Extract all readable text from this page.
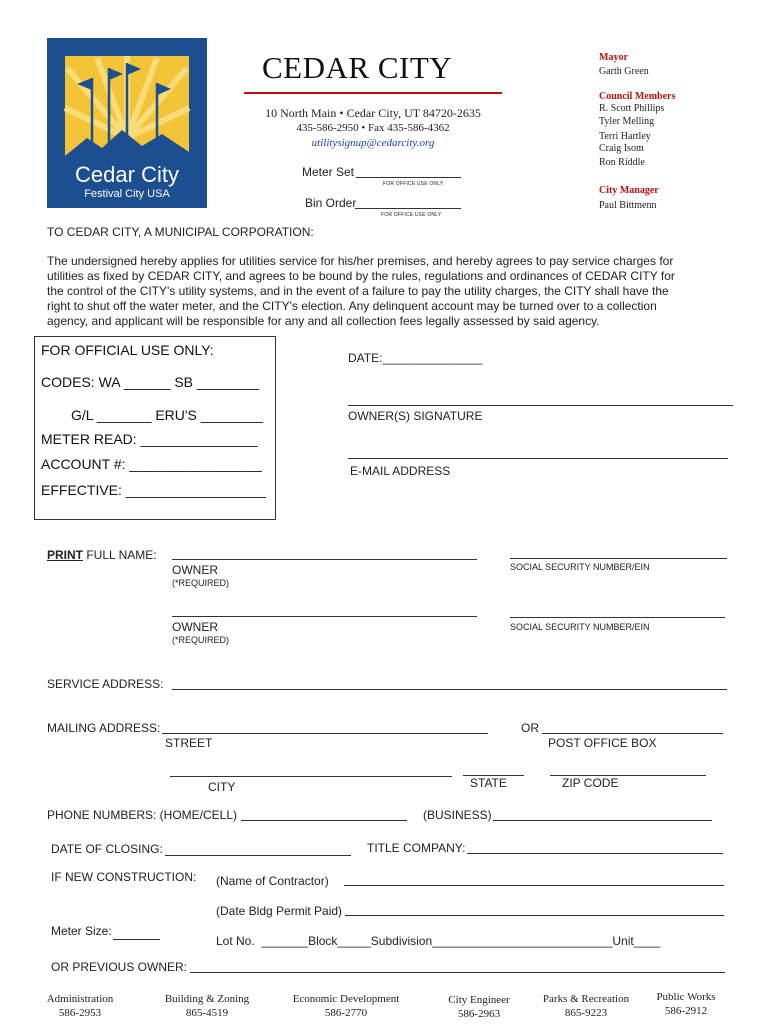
Cedar City
Festival City USA
CEDAR CITY
10 North Main • Cedar City, UT 84720-2635
435-586-2950 • Fax 435-586-4362
utilitysignup@cedarcity.org
Meter Set
FOR OFFICE USE ONLY
Bin Order
FOR OFFICE USE ONLY
Mayor
Garth Green
Council Members
R. Scott Phillips
Tyler Melling
Terri Hartley
Craig Isom
Ron Riddle
City Manager
Paul Bittmenn
TO CEDAR CITY, A MUNICIPAL CORPORATION:
The undersigned hereby applies for utilities service for his/her premises, and hereby agrees to pay service charges for
utilities as fixed by CEDAR CITY, and agrees to be bound by the rules, regulations and ordinances of CEDAR CITY for
the control of the CITY's utility systems, and in the event of a failure to pay the utility charges, the CITY shall have the
right to shut off the water meter, and the CITY's election. Any delinquent account may be turned over to a collection
agency, and applicant will be responsible for any and all collection fees legally assessed by said agency.
FOR OFFICIAL USE ONLY:
CODES: WA ______ SB ________
G/L _______ ERU'S ________
METER READ: _______________
ACCOUNT #: _________________
EFFECTIVE: __________________
DATE:_______________
OWNER(S) SIGNATURE
E-MAIL ADDRESS
PRINT FULL NAME:
OWNER
(*REQUIRED)
SOCIAL SECURITY NUMBER/EIN
OWNER
(*REQUIRED)
SOCIAL SECURITY NUMBER/EIN
SERVICE ADDRESS:
MAILING ADDRESS:
STREET
OR
POST OFFICE BOX
CITY	STATE	ZIP CODE
PHONE NUMBERS: (HOME/CELL)	(BUSINESS)
DATE OF CLOSING:	TITLE COMPANY:
IF NEW CONSTRUCTION: (Name of Contractor)
(Date Bldg Permit Paid)
Meter Size:
Lot No.  _______Block_____Subdivision___________________________Unit____
OR PREVIOUS OWNER:
Administration
586-2953
Building & Zoning
865-4519
Economic Development
586-2770
City Engineer
586-2963
Parks & Recreation
865-9223
Public Works
586-2912
